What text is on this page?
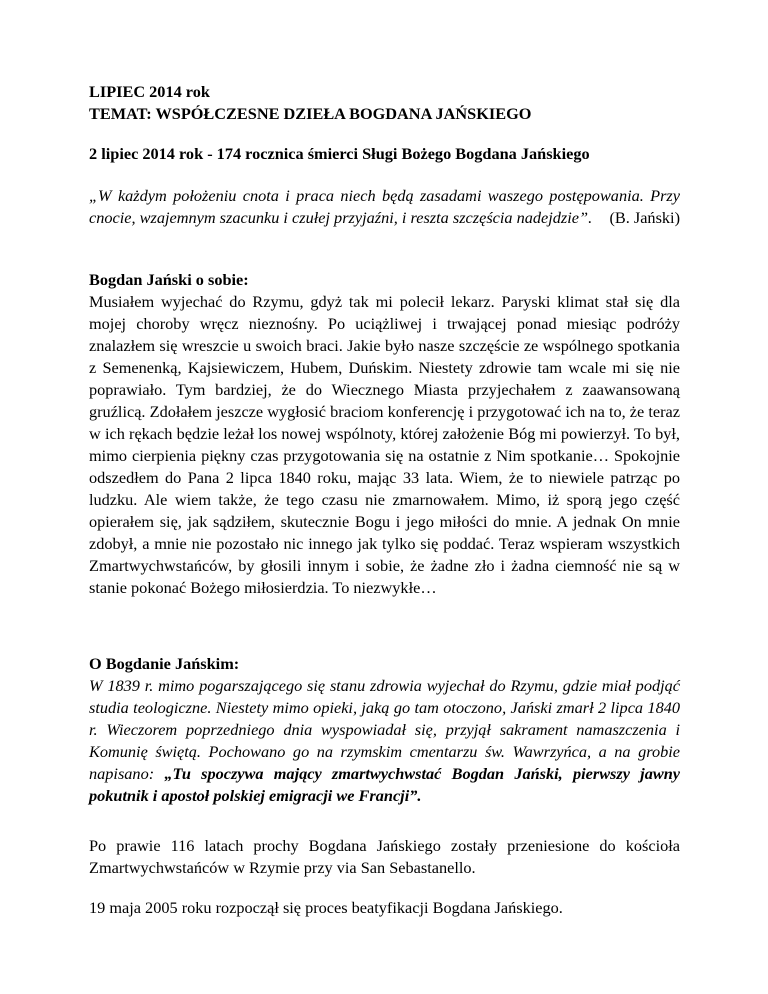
LIPIEC 2014 rok

TEMAT: WSPÓŁCZESNE DZIEŁA BOGDANA JAŃSKIEGO

2 lipiec 2014 rok - 174 rocznica śmierci Sługi Bożego Bogdana Jańskiego

„W każdym położeniu cnota i praca niech będą zasadami waszego postępowania. Przy cnocie, wzajemnym szacunku i czułej przyjaźni, i reszta szczęścia nadejdzie”. (B. Jański)

Bogdan Jański o sobie:

Musiałem wyjechać do Rzymu, gdyż tak mi polecił lekarz. Paryski klimat stał się dla mojej choroby wręcz nieznośny. Po uciążliwej i trwającej ponad miesiąc podróży znalazłem się wreszcie u swoich braci. Jakie było nasze szczęście ze wspólnego spotkania z Semenenką, Kajsiewiczem, Hubem, Duńskim. Niestety zdrowie tam wcale mi się nie poprawiało. Tym bardziej, że do Wiecznego Miasta przyjechałem z zaawansowaną gruźlicą. Zdołałem jeszcze wygłosić braciom konferencję i przygotować ich na to, że teraz w ich rękach będzie leżał los nowej wspólnoty, której założenie Bóg mi powierzył. To był, mimo cierpienia piękny czas przygotowania się na ostatnie z Nim spotkanie… Spokojnie odszedłem do Pana 2 lipca 1840 roku, mając 33 lata. Wiem, że to niewiele patrząc po ludzku. Ale wiem także, że tego czasu nie zmarnowałem. Mimo, iż sporą jego część opierałem się, jak sądziłem, skutecznie Bogu i jego miłości do mnie. A jednak On mnie zdobył, a mnie nie pozostało nic innego jak tylko się poddać. Teraz wspieram wszystkich Zmartwychwstańców, by głosili innym i sobie, że żadne zło i żadna ciemność nie są w stanie pokonać Bożego miłosierdzia. To niezwykłe…

O Bogdanie Jańskim:

W 1839 r. mimo pogarszającego się stanu zdrowia wyjechał do Rzymu, gdzie miał podjąć studia teologiczne. Niestety mimo opieki, jaką go tam otoczono, Jański zmarł 2 lipca 1840 r. Wieczorem poprzedniego dnia wyspowiadał się, przyjął sakrament namaszczenia i Komunię świętą. Pochowano go na rzymskim cmentarzu św. Wawrzyńca, a na grobie napisano: „Tu spoczywa mający zmartwychwstać Bogdan Jański, pierwszy jawny pokutnik i apostoł polskiej emigracji we Francji”.

Po prawie 116 latach prochy Bogdana Jańskiego zostały przeniesione do kościoła Zmartwychwstańców w Rzymie przy via San Sebastanello.

19 maja 2005 roku rozpoczął się proces beatyfikacji Bogdana Jańskiego.
